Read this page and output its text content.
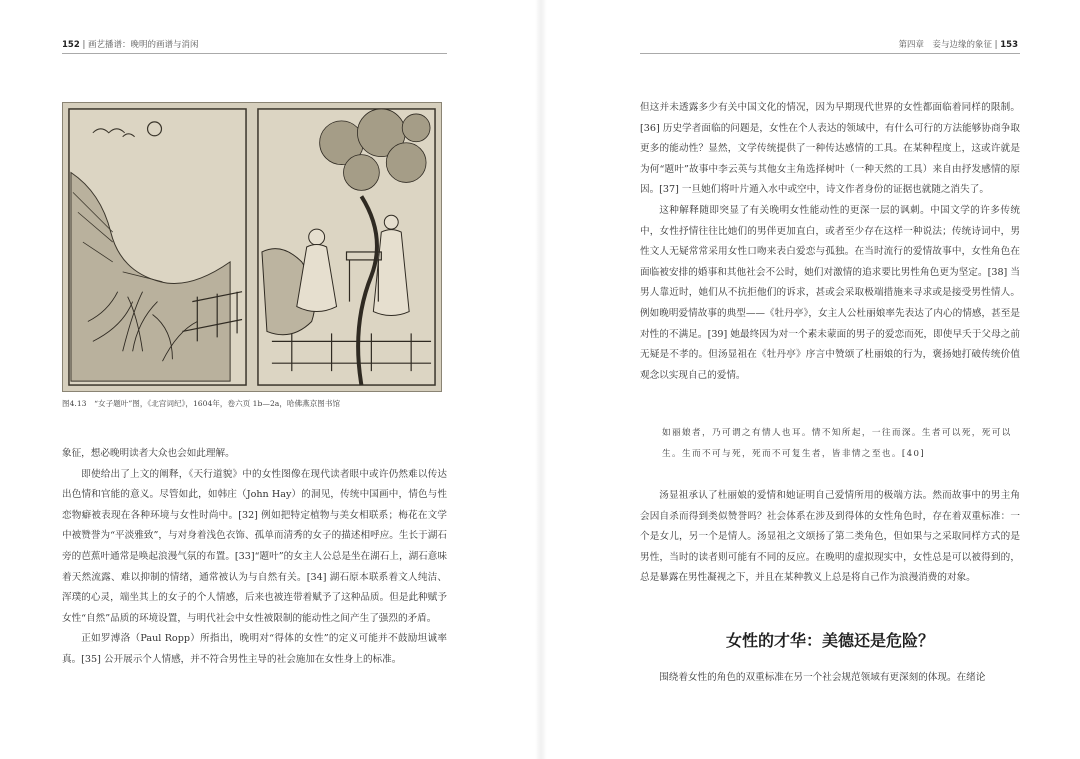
152 | 画艺播谱：晚明的画谱与消闲	第四章　妾与边缘的象征 | 153
图4.13　“女子题叶”图，《北宫词纪》，1604年，卷六页 1b—2a，哈佛燕京图书馆

象征，想必晚明读者大众也会如此理解。

即使给出了上文的阐释，《天行道貌》中的女性图像在现代读者眼中或许仍然难以传达出色情和官能的意义。尽管如此，如韩庄（John Hay）的洞见，传统中国画中，情色与性恋物癖被表现在各种环境与女性时尚中。[32] 例如把特定植物与美女相联系；梅花在文学中被赞誉为“平淡雅致”，与对身着浅色衣饰、孤单而清秀的女子的描述相呼应。生长于湖石旁的芭蕉叶通常是唤起浪漫气氛的布置。[33]“题叶”的女主人公总是坐在湖石上，湖石意味着天然流露、难以抑制的情绪，通常被认为与自然有关。[34] 湖石原本联系着文人纯洁、浑璞的心灵，端坐其上的女子的个人情感，后来也被连带着赋予了这种品质。但是此种赋予女性“自然”品质的环境设置，与明代社会中女性被限制的能动性之间产生了强烈的矛盾。

正如罗溥洛（Paul Ropp）所指出，晚明对“得体的女性”的定义可能并不鼓励坦诚率真。[35] 公开展示个人情感，并不符合男性主导的社会施加在女性身上的标准。

但这并未透露多少有关中国文化的情况，因为早期现代世界的女性都面临着同样的限制。[36] 历史学者面临的问题是，女性在个人表达的领域中，有什么可行的方法能够协商争取更多的能动性？显然，文学传统提供了一种传达感情的工具。在某种程度上，这或许就是为何“题叶”故事中李云英与其他女主角选择树叶（一种天然的工具）来自由抒发感情的原因。[37] 一旦她们将叶片遁入水中或空中，诗文作者身份的证据也就随之消失了。

这种解释随即突显了有关晚明女性能动性的更深一层的讽刺。中国文学的许多传统中，女性抒情往往比她们的男伴更加直白，或者至少存在这样一种说法；传统诗词中，男性文人无疑常常采用女性口吻来表白爱恋与孤独。在当时流行的爱情故事中，女性角色在面临被安排的婚事和其他社会不公时，她们对激情的追求要比男性角色更为坚定。[38] 当男人靠近时，她们从不抗拒他们的诉求，甚或会采取极端措施来寻求或是接受男性情人。例如晚明爱情故事的典型——《牡丹亭》，女主人公杜丽娘率先表达了内心的情感，甚至是对性的不满足。[39] 她最终因为对一个素未蒙面的男子的爱恋而死，即使早夭于父母之前无疑是不孝的。但汤显祖在《牡丹亭》序言中赞颂了杜丽娘的行为，褒扬她打破传统价值观念以实现自己的爱情。

如丽娘者，乃可谓之有情人也耳。情不知所起，一往而深。生者可以死，死可以生。生而不可与死，死而不可复生者，皆非情之至也。[40]

汤显祖承认了杜丽娘的爱情和她证明自己爱情所用的极端方法。然而故事中的男主角会因自杀而得到类似赞誉吗？社会体系在涉及到得体的女性角色时，存在着双重标准：一个是女儿，另一个是情人。汤显祖之文颂扬了第二类角色，但如果与之采取同样方式的是男性，当时的读者则可能有不同的反应。在晚明的虚拟现实中，女性总是可以被得到的，总是暴露在男性凝视之下，并且在某种教义上总是将自己作为浪漫消费的对象。

女性的才华：美德还是危险？

围绕着女性的角色的双重标准在另一个社会规范领域有更深刻的体现。在绪论
